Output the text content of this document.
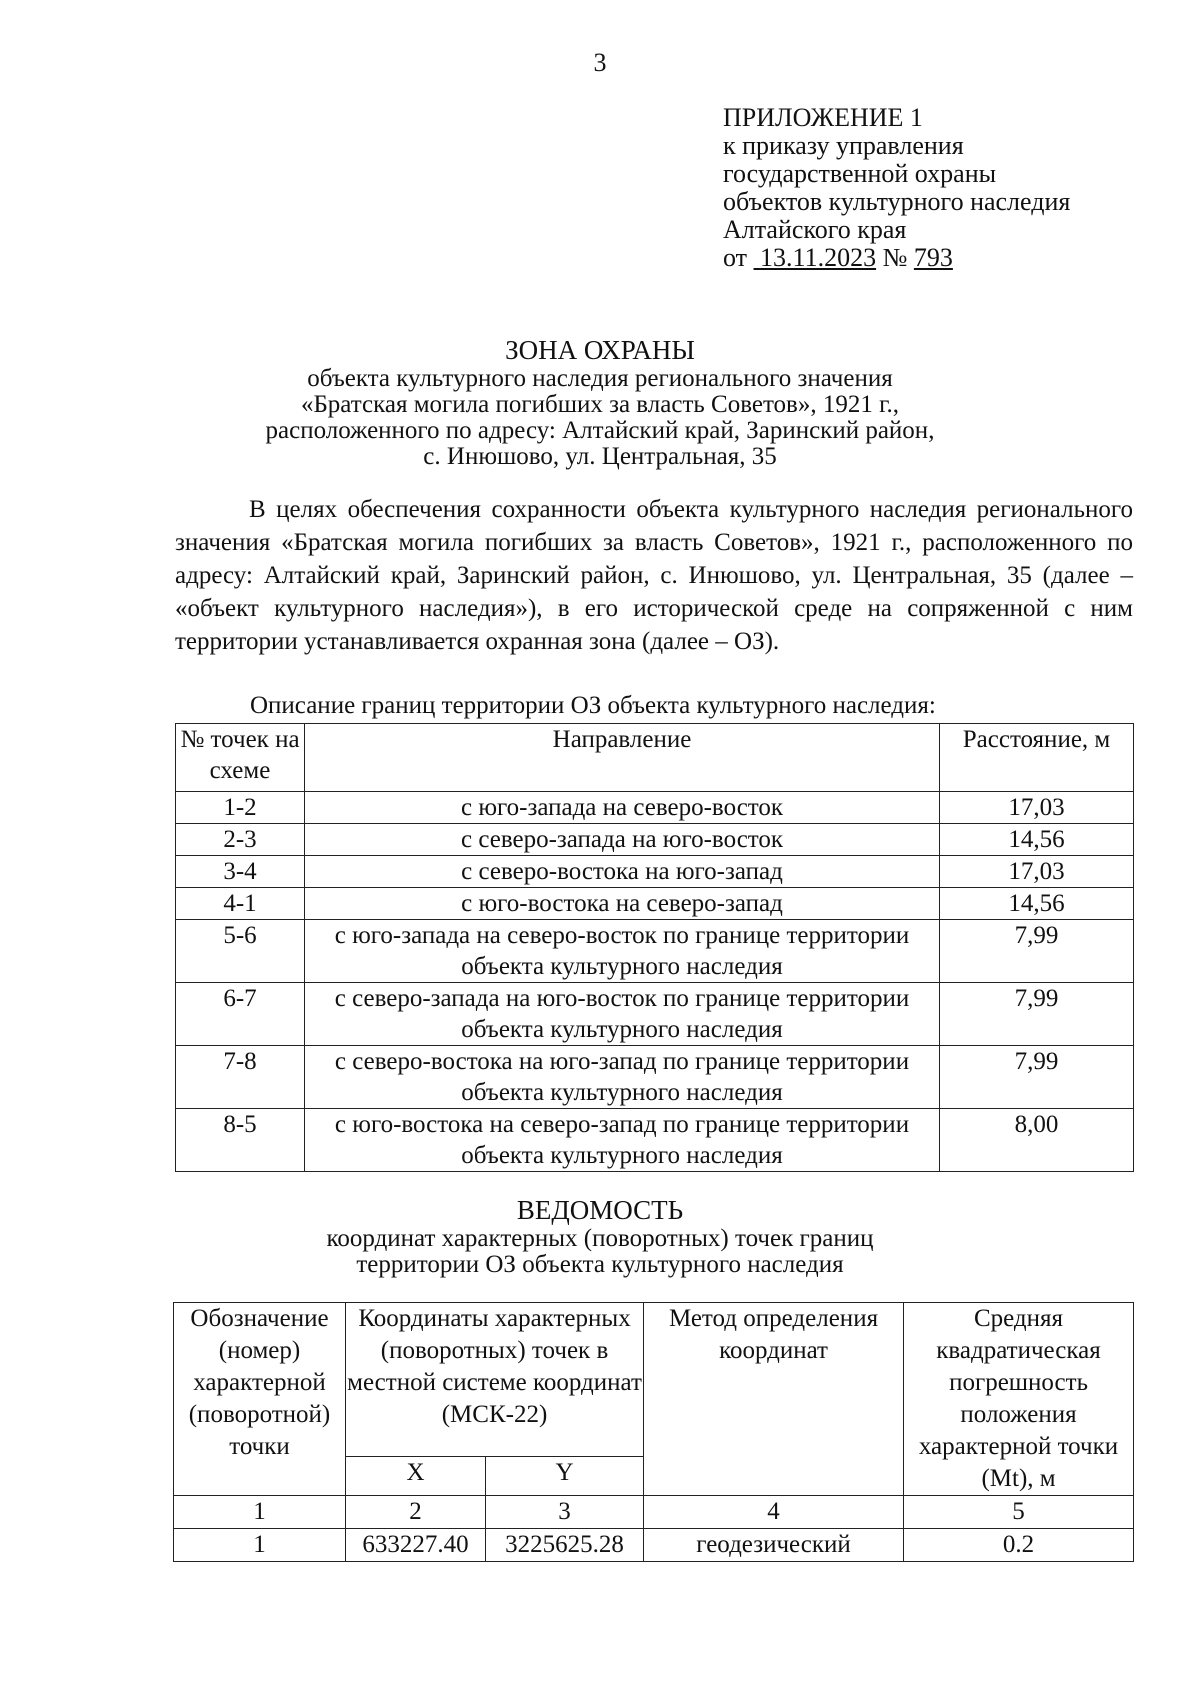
3
ПРИЛОЖЕНИЕ 1
к приказу управления
государственной охраны
объектов культурного наследия
Алтайского края
от 13.11.2023 № 793
ЗОНА ОХРАНЫ
объекта культурного наследия регионального значения
«Братская могила погибших за власть Советов», 1921 г.,
расположенного по адресу: Алтайский край, Заринский район,
с. Инюшово, ул. Центральная, 35
В целях обеспечения сохранности объекта культурного наследия регионального значения «Братская могила погибших за власть Советов», 1921 г., расположенного по адресу: Алтайский край, Заринский район, с. Инюшово, ул. Центральная, 35 (далее – «объект культурного наследия»), в его исторической среде на сопряженной с ним территории устанавливается охранная зона (далее – ОЗ).
Описание границ территории ОЗ объекта культурного наследия:
№ точек на схеме	Направление	Расстояние, м
1-2	с юго-запада на северо-восток	17,03
2-3	с северо-запада на юго-восток	14,56
3-4	с северо-востока на юго-запад	17,03
4-1	с юго-востока на северо-запад	14,56
5-6	с юго-запада на северо-восток по границе территории объекта культурного наследия	7,99
6-7	с северо-запада на юго-восток по границе территории объекта культурного наследия	7,99
7-8	с северо-востока на юго-запад по границе территории объекта культурного наследия	7,99
8-5	с юго-востока на северо-запад по границе территории объекта культурного наследия	8,00
ВЕДОМОСТЬ
координат характерных (поворотных) точек границ
территории ОЗ объекта культурного наследия
Обозначение (номер) характерной (поворотной) точки	Координаты характерных (поворотных) точек в местной системе координат (МСК-22)		Метод определения координат	Средняя квадратическая погрешность положения характерной точки (Mt), м
	X	Y		
1	2	3	4	5
1	633227.40	3225625.28	геодезический	0.2
